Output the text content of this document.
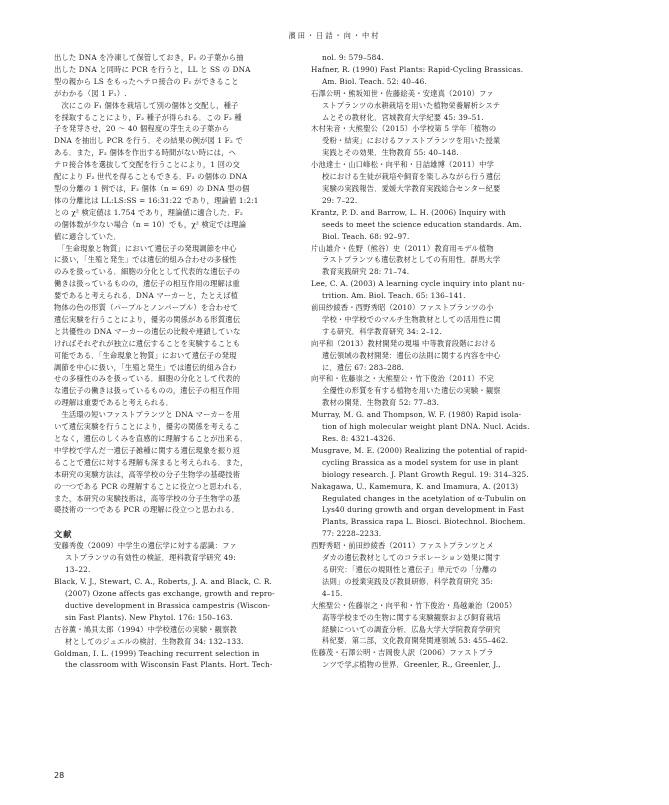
濱田・日詰・向・中村

出した DNA を冷凍して保管しておき，F₁ の子葉から抽
出した DNA と同時に PCR を行うと，LL と SS の DNA
型の親から LS をもったヘテロ接合の F₁ ができること
がわかる（図 1 F₁）.

　次にこの F₁ 個体を栽培して別の個体と交配し，種子
を採取することにより，F₂ 種子が得られる．この F₂ 種
子を発芽させ，20 ～ 40 個程度の芽生えの子葉から
DNA を抽出し PCR を行う．その結果の例が図 1 F₂ で
ある．また，F₂ 個体を作出する時間がない時には，ヘ
テロ接合体を選抜して交配を行うことにより，1 回の交
配により F₂ 世代を得ることもできる．F₂ の個体の DNA
型の分離の 1 例では，F₂ 個体（n = 69）の DNA 型の個
体の分離比は LL:LS:SS = 16:31:22 であり，理論値 1:2:1
との χ² 検定値は 1.754 であり，理論値に適合した．F₂
の個体数が少ない場合（n = 10）でも，χ² 検定では理論
値に適合していた．

　「生命現象と物質」において遺伝子の発現調節を中心
に扱い，「生殖と発生」では遺伝的組み合わせの多様性
のみを扱っている．細胞の分化として代表的な遺伝子の
働きは扱っているものの，遺伝子の相互作用の理解は重
要であると考えられる．DNA マーカーと，たとえば植
物体の色の形質（パープルとノンパープル）を合わせて
遺伝実験を行うことにより，優劣の関係がある形質遺伝
と共優性の DNA マーカーの遺伝の比較や連鎖していな
ければそれぞれが独立に遺伝することを実験することも
可能である．「生命現象と物質」において遺伝子の発現
調節を中心に扱い，「生殖と発生」では遺伝的組み合わ
せの多様性のみを扱っている．細胞の分化として代表的
な遺伝子の働きは扱っているものの，遺伝子の相互作用
の理解は重要であると考えられる．

　生活環の短いファストプランツと DNA マーカーを用
いて遺伝実験を行うことにより，優劣の関係を考えるこ
となく，遺伝のしくみを直感的に理解することが出来る．
中学校で学んだ一遺伝子雑種に関する遺伝現象を振り返
ることで遺伝に対する理解も深まると考えられる．また，
本研究の実験方法は，高等学校の分子生物学の基礎技術
の一つである PCR の理解することに役立つと思われる．
また，本研究の実験技術は，高等学校の分子生物学の基
礎技術の一つである PCR の理解に役立つと思われる．

文献
安藤秀俊（2009）中学生の遺伝学に対する認識：ファ
ストプランツの有効性の検証．理科教育学研究 49:
13–22.
Black, V. J., Stewart, C. A., Roberts, J. A. and Black, C. R.
(2007) Ozone affects gas exchange, growth and repro-
ductive development in Brassica campestris (Wiscon-
sin Fast Plants). New Phytol. 176: 150–163.
古谷薫・鳩貝太郎（1994）中学校遺伝の実験・観察教
材としてのジュエルの検討．生物教育 34: 132–133.
Goldman, I. L. (1999) Teaching recurrent selection in
the classroom with Wisconsin Fast Plants. Hort. Tech-
nol. 9: 579–584.
Hafner, R. (1990) Fast Plants: Rapid-Cycling Brassicas.
Am. Biol. Teach. 52: 40–46.
石澤公明・熊坂知世・佐藤絵美・安達真（2010）ファ
ストプランツの水耕栽培を用いた植物栄養解析システ
ムとその教材化．宮城教育大学紀要 45: 39–51.
木村朱音・大熊聖公（2015）小学校第 5 学年「植物の
受粉・結実」におけるファストプランツを用いた授業
実践とその効果．生物教育 55: 40–148.
小池達士・山口峰松・向平和・日詰雄博（2011）中学
校における生徒が栽培や飼育を楽しみながら行う遺伝
実験の実践報告．愛媛大学教育実践総合センター紀要
29: 7–22.
Krantz, P. D. and Barrow, L. H. (2006) Inquiry with
seeds to meet the science education standards. Am.
Biol. Teach. 68: 92–97.
片山雄介・佐野（熊谷）史（2011）教育用モデル植物
ラストプランツも遺伝教材としての有用性．群馬大学
教育実践研究 28: 71–74.
Lee, C. A. (2003) A learning cycle inquiry into plant nu-
trition. Am. Biol. Teach. 65: 136–141.
前田紗綾香・西野秀昭（2010）ファストプランツの小
学校・中学校でのマルチ生物教材としての活用性に関
する研究．科学教育研究 34: 2–12.
向平和（2013）教材開発の現場 中等教育段階における
遺伝領域の教材開発：遺伝の法則に関する内容を中心
に．遺伝 67: 283–288.
向平和・佐藤崇之・大熊聖公・竹下俊治（2011）不完
全優性の形質を有する植物を用いた遺伝の実験・観察
教材の開発．生物教育 52: 77–83.
Murray, M. G. and Thompson, W. F. (1980) Rapid isola-
tion of high molecular weight plant DNA. Nucl. Acids.
Res. 8: 4321–4326.
Musgrave, M. E. (2000) Realizing the potential of rapid-
cycling Brassica as a model system for use in plant
biology research. J. Plant Growth Regul. 19: 314–325.
Nakagawa, U., Kamemura, K. and Imamura, A. (2013)
Regulated changes in the acetylation of α-Tubulin on
Lys40 during growth and organ development in Fast
Plants, Brassica rapa L. Biosci. Biotechnol. Biochem.
77: 2228–2233.
西野秀昭・前田紗綾香（2011）ファストプランツとメ
ダカの遺伝教材としてのコラボレーション効果に関す
る研究：「遺伝の規則性と遺伝子」単元での「分離の
法則」の授業実践及び教員研修．科学教育研究 35:
4–15.
大熊聖公・佐藤崇之・向平和・竹下俊治・鳥越兼治（2005）
高等学校までの生物に関する実験観察および飼育栽培
経験についての調査分析．広島大学大学院教育学研究
科紀要．第二部，文化教育開発関連領域 53: 455–462.
佐藤茂・石澤公明・吉岡俊人訳（2006）ファストプラ
ンツで学ぶ植物の世界．Greenler, R., Greenler, J.,
28
